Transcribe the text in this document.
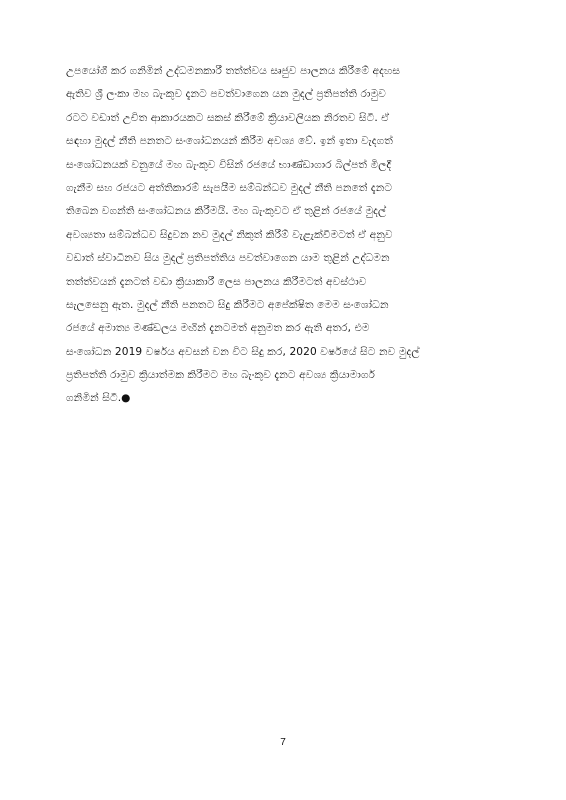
උපයෝගී කර ගනිමින් උද්ධමනකාරී තත්ත්වය සෘජුව පාලනය කිරීමේ අදහස
ඇතිව ශ්‍රී ලංකා මහ බැංකුව දැනට පවත්වාගෙන යන මුදල් ප්‍රතිපත්ති රාමුව
රටට වඩාත් උචිත ආකාරයකට සකස් කිරීමේ ක්‍රියාවලියක නිරතව සිටී. ඒ
සඳහා මුදල් නීති පනතට සංශෝධනයන් කිරීම අවශ්‍ය වේ. ඉන් ඉතා වැදගත්
සංශෝධනයක් වනුයේ මහ බැංකුව විසින් රජයේ භාණ්ඩාගාර බිල්පත් මිලදී
ගැනීම සහ රජයට අත්තිකාරම් සැපයීම සම්බන්ධව මුදල් නීති පනතේ දැනට
තිබෙන වගන්ති සංශෝධනය කිරීමයි. මහ බැංකුවට ඒ තුළින් රජයේ මුදල්
අවශ්‍යතා සම්බන්ධව සිදුවන නව මුදල් නිකුත් කිරීම් වැළැක්වීමටත් ඒ අනුව
වඩාත් ස්වාධීනව සිය මුදල් ප්‍රතිපත්තිය පවත්වාගෙන යාම තුළින් උද්ධමන
තත්ත්වයන් දැනටත් වඩා ක්‍රියාකාරී ලෙස පාලනය කිරීමටත් අවස්ථාව
සැලසෙනු ඇත. මුදල් නීති පනතට සිදු කිරීමට අපේක්ෂිත මෙම සංශෝධන
රජයේ අමාත්‍ය මණ්ඩලය මඟින් දැනටමත් අනුමත කර ඇති අතර, එම
සංශෝධන 2019 වර්ෂය අවසන් වන විට සිදු කර, 2020 වර්ෂයේ සිට නව මුදල්
ප්‍රතිපත්ති රාමුව ක්‍රියාත්මක කිරීමට මහ බැංකුව දැනට අවශ්‍ය ක්‍රියාමාර්ග
ගනිමින් සිටී.●
7
